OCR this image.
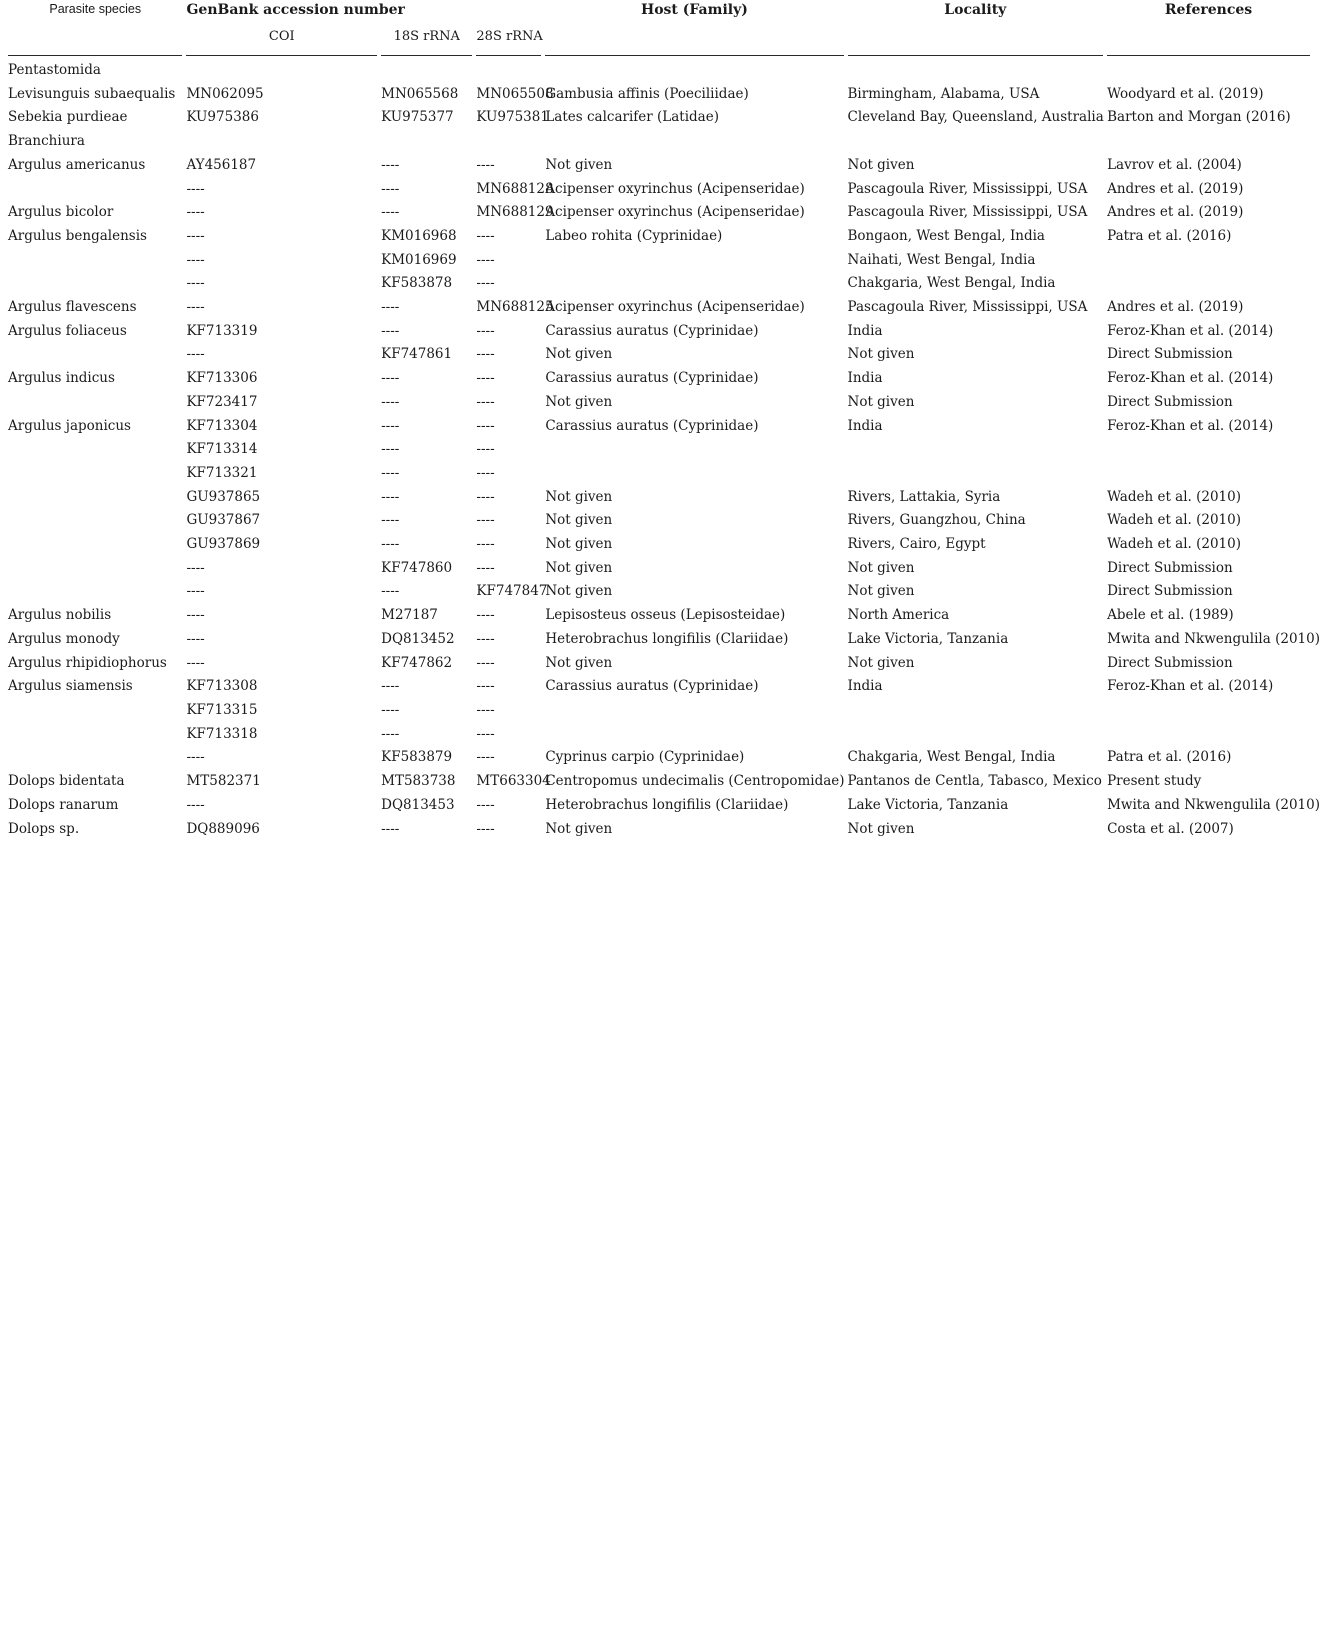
Parasite species	GenBank accession number			Host (Family)	Locality	References
	COI	18S rRNA	28S rRNA			
Pentastomida						
Levisunguis subaequalis	MN062095	MN065568	MN065508	Gambusia affinis (Poeciliidae)	Birmingham, Alabama, USA	Woodyard et al. (2019)
Sebekia purdieae	KU975386	KU975377	KU975381	Lates calcarifer (Latidae)	Cleveland Bay, Queensland, Australia	Barton and Morgan (2016)
Branchiura						
Argulus americanus	AY456187	----	----	Not given	Not given	Lavrov et al. (2004)
	----	----	MN688128	Acipenser oxyrinchus (Acipenseridae)	Pascagoula River, Mississippi, USA	Andres et al. (2019)
Argulus bicolor	----	----	MN688129	Acipenser oxyrinchus (Acipenseridae)	Pascagoula River, Mississippi, USA	Andres et al. (2019)
Argulus bengalensis	----	KM016968	----	Labeo rohita (Cyprinidae)	Bongaon, West Bengal, India	Patra et al. (2016)
	----	KM016969	----		Naihati, West Bengal, India	
	----	KF583878	----		Chakgaria, West Bengal, India	
Argulus flavescens	----	----	MN688125	Acipenser oxyrinchus (Acipenseridae)	Pascagoula River, Mississippi, USA	Andres et al. (2019)
Argulus foliaceus	KF713319	----	----	Carassius auratus (Cyprinidae)	India	Feroz-Khan et al. (2014)
	----	KF747861	----	Not given	Not given	Direct Submission
Argulus indicus	KF713306	----	----	Carassius auratus (Cyprinidae)	India	Feroz-Khan et al. (2014)
	KF723417	----	----	Not given	Not given	Direct Submission
Argulus japonicus	KF713304	----	----	Carassius auratus (Cyprinidae)	India	Feroz-Khan et al. (2014)
	KF713314	----	----			
	KF713321	----	----			
	GU937865	----	----	Not given	Rivers, Lattakia, Syria	Wadeh et al. (2010)
	GU937867	----	----	Not given	Rivers, Guangzhou, China	Wadeh et al. (2010)
	GU937869	----	----	Not given	Rivers, Cairo, Egypt	Wadeh et al. (2010)
	----	KF747860	----	Not given	Not given	Direct Submission
	----	----	KF747847	Not given	Not given	Direct Submission
Argulus nobilis	----	M27187	----	Lepisosteus osseus (Lepisosteidae)	North America	Abele et al. (1989)
Argulus monody	----	DQ813452	----	Heterobrachus longifilis (Clariidae)	Lake Victoria, Tanzania	Mwita and Nkwengulila (2010)
Argulus rhipidiophorus	----	KF747862	----	Not given	Not given	Direct Submission
Argulus siamensis	KF713308	----	----	Carassius auratus (Cyprinidae)	India	Feroz-Khan et al. (2014)
	KF713315	----	----			
	KF713318	----	----			
	----	KF583879	----	Cyprinus carpio (Cyprinidae)	Chakgaria, West Bengal, India	Patra et al. (2016)
Dolops bidentata	MT582371	MT583738	MT663304	Centropomus undecimalis (Centropomidae)	Pantanos de Centla, Tabasco, Mexico	Present study
Dolops ranarum	----	DQ813453	----	Heterobrachus longifilis (Clariidae)	Lake Victoria, Tanzania	Mwita and Nkwengulila (2010)
Dolops sp.	DQ889096	----	----	Not given	Not given	Costa et al. (2007)
